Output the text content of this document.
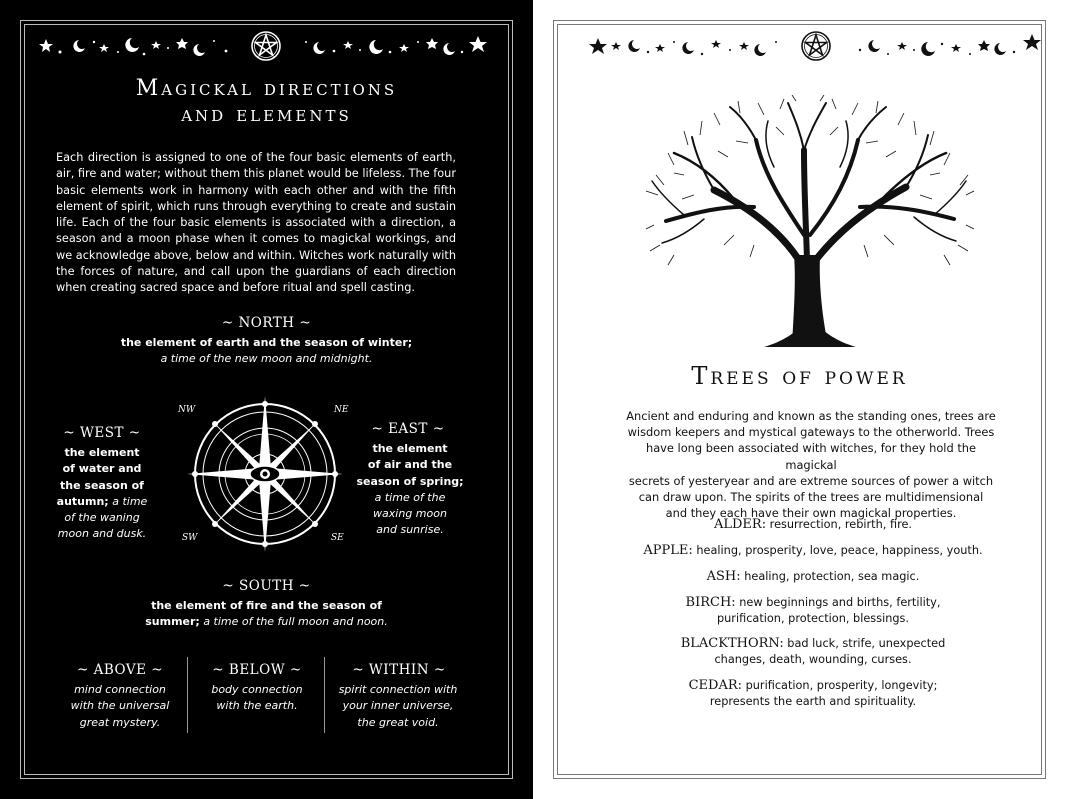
Magickal directions
and elements
Each direction is assigned to one of the four basic elements of earth, air, fire and water; without them this planet would be lifeless. The four basic elements work in harmony with each other and with the fifth element of spirit, which runs through everything to create and sustain life. Each of the four basic elements is associated with a direction, a season and a moon phase when it comes to magickal workings, and we acknowledge above, below and within. Witches work naturally with the forces of nature, and call upon the guardians of each direction when creating sacred space and before ritual and spell casting.
~ NORTH ~
the element of earth and the season of winter;
a time of the new moon and midnight.
~ WEST ~
the element
of water and
the season of
autumn; a time
of the waning
moon and dusk.
NW	NE
SW	SE
~ EAST ~
the element
of air and the
season of spring;
a time of the
waxing moon
and sunrise.
~ SOUTH ~
the element of fire and the season of
summer; a time of the full moon and noon.
~ ABOVE ~
mind connection
with the universal
great mystery.
~ BELOW ~
body connection
with the earth.
~ WITHIN ~
spirit connection with
your inner universe,
the great void.
Trees of power
Ancient and enduring and known as the standing ones, trees are
wisdom keepers and mystical gateways to the otherworld. Trees
have long been associated with witches, for they hold the magickal
secrets of yesteryear and are extreme sources of power a witch
can draw upon. The spirits of the trees are multidimensional
and they each have their own magickal properties.
ALDER: resurrection, rebirth, fire.
APPLE: healing, prosperity, love, peace, happiness, youth.
ASH: healing, protection, sea magic.
BIRCH: new beginnings and births, fertility,
purification, protection, blessings.
BLACKTHORN: bad luck, strife, unexpected
changes, death, wounding, curses.
CEDAR: purification, prosperity, longevity;
represents the earth and spirituality.
